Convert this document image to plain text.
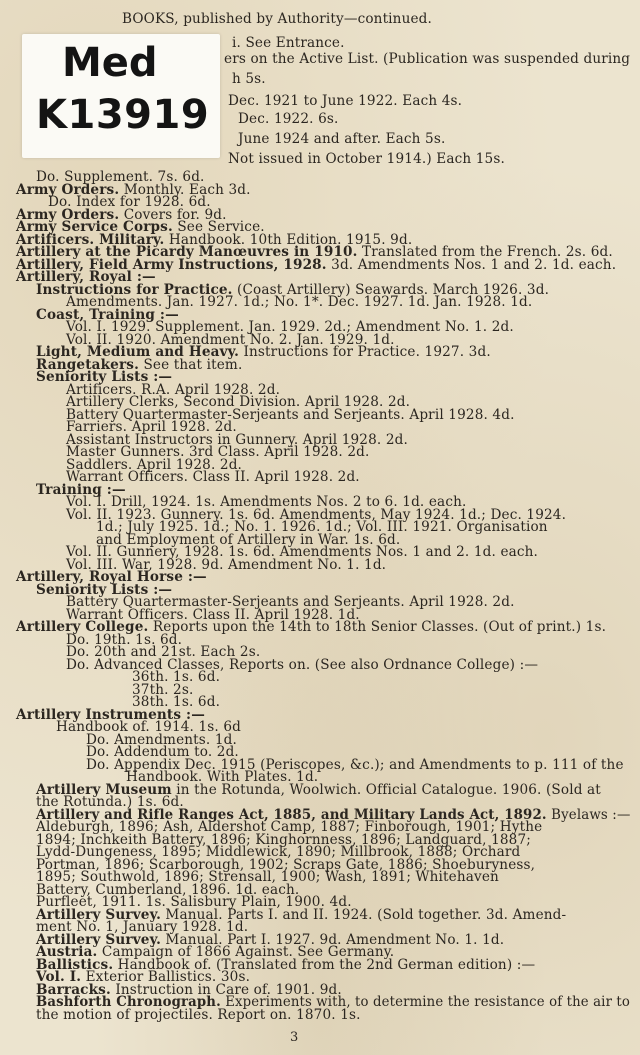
Med
K13919
BOOKS, published by Authority—continued.
i. See Entrance.
ers on the Active List. (Publication was suspended during
h 5s.
Dec. 1921 to June 1922. Each 4s.
Dec. 1922. 6s.
June 1924 and after. Each 5s.
Not issued in October 1914.) Each 15s.
Do. Supplement. 7s. 6d.
Army Orders. Monthly. Each 3d.
Do. Index for 1928. 6d.
Army Orders. Covers for. 9d.
Army Service Corps. See Service.
Artificers. Military. Handbook. 10th Edition. 1915. 9d.
Artillery at the Picardy Manœuvres in 1910. Translated from the French. 2s. 6d.
Artillery, Field Army Instructions, 1928. 3d. Amendments Nos. 1 and 2. 1d. each.
Artillery, Royal :—
Instructions for Practice. (Coast Artillery) Seawards. March 1926. 3d.
Amendments. Jan. 1927. 1d.; No. 1*. Dec. 1927. 1d. Jan. 1928. 1d.
Coast, Training :—
Vol. I. 1929. Supplement. Jan. 1929. 2d.; Amendment No. 1. 2d.
Vol. II. 1920. Amendment No. 2. Jan. 1929. 1d.
Light, Medium and Heavy. Instructions for Practice. 1927. 3d.
Rangetakers. See that item.
Seniority Lists :—
Artificers. R.A. April 1928. 2d.
Artillery Clerks, Second Division. April 1928. 2d.
Battery Quartermaster-Serjeants and Serjeants. April 1928. 4d.
Farriers. April 1928. 2d.
Assistant Instructors in Gunnery. April 1928. 2d.
Master Gunners. 3rd Class. April 1928. 2d.
Saddlers. April 1928. 2d.
Warrant Officers. Class II. April 1928. 2d.
Training :—
Vol. I. Drill, 1924. 1s. Amendments Nos. 2 to 6. 1d. each.
Vol. II. 1923. Gunnery. 1s. 6d. Amendments, May 1924. 1d.; Dec. 1924.
1d.; July 1925. 1d.; No. 1. 1926. 1d.; Vol. III. 1921. Organisation
and Employment of Artillery in War. 1s. 6d.
Vol. II. Gunnery, 1928. 1s. 6d. Amendments Nos. 1 and 2. 1d. each.
Vol. III. War, 1928. 9d. Amendment No. 1. 1d.
Artillery, Royal Horse :—
Seniority Lists :—
Battery Quartermaster-Serjeants and Serjeants. April 1928. 2d.
Warrant Officers. Class II. April 1928. 1d.
Artillery College. Reports upon the 14th to 18th Senior Classes. (Out of print.) 1s.
Do. 19th. 1s. 6d.
Do. 20th and 21st. Each 2s.
Do. Advanced Classes, Reports on. (See also Ordnance College) :—
36th. 1s. 6d.
37th. 2s.
38th. 1s. 6d.
Artillery Instruments :—
Handbook of. 1914. 1s. 6d
Do. Amendments. 1d.
Do. Addendum to. 2d.
Do. Appendix Dec. 1915 (Periscopes, &c.); and Amendments to p. 111 of the
Handbook. With Plates. 1d.
Artillery Museum in the Rotunda, Woolwich. Official Catalogue. 1906. (Sold at
the Rotunda.) 1s. 6d.
Artillery and Rifle Ranges Act, 1885, and Military Lands Act, 1892. Byelaws :—
Aldeburgh, 1896; Ash, Aldershot Camp, 1887; Finborough, 1901; Hythe
1894; Inchkeith Battery, 1896; Kinghornness, 1896; Landguard, 1887;
Lydd-Dungeness, 1895; Middlewick, 1890; Millbrook, 1888; Orchard
Portman, 1896; Scarborough, 1902; Scraps Gate, 1886; Shoeburyness,
1895; Southwold, 1896; Strensall, 1900; Wash, 1891; Whitehaven
Battery, Cumberland, 1896. 1d. each.
Purfleet, 1911. 1s. Salisbury Plain, 1900. 4d.
Artillery Survey. Manual. Parts I. and II. 1924. (Sold together. 3d. Amend-
ment No. 1, January 1928. 1d.
Artillery Survey. Manual. Part I. 1927. 9d. Amendment No. 1. 1d.
Austria. Campaign of 1866 Against. See Germany.
Ballistics. Handbook of. (Translated from the 2nd German edition) :—
Vol. I. Exterior Ballistics. 30s.
Barracks. Instruction in Care of. 1901. 9d.
Bashforth Chronograph. Experiments with, to determine the resistance of the air to
the motion of projectiles. Report on. 1870. 1s.
3
